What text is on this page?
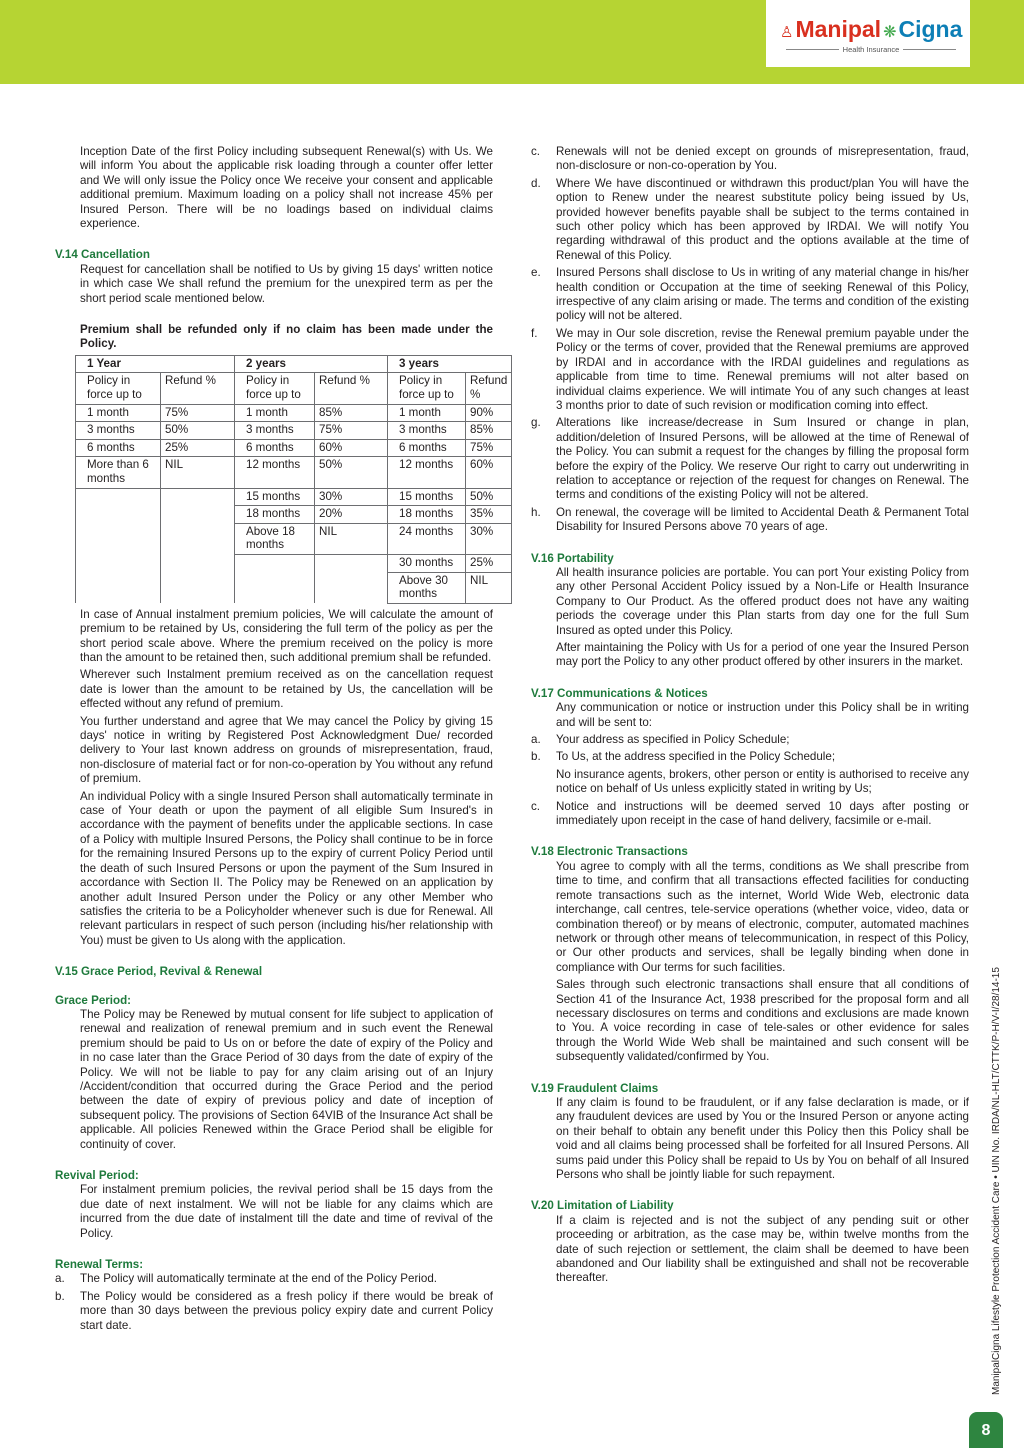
♙Manipal ❋Cigna
Health Insurance

Inception Date of the first Policy including subsequent Renewal(s) with Us. We will inform You about the applicable risk loading through a counter offer letter and We will only issue the Policy once We receive your consent and applicable additional premium. Maximum loading on a policy shall not increase 45% per Insured Person. There will be no loadings based on individual claims experience.

V.14 Cancellation

Request for cancellation shall be notified to Us by giving 15 days' written notice in which case We shall refund the premium for the unexpired term as per the short period scale mentioned below.

Premium shall be refunded only if no claim has been made under the Policy.

1 Year		2 years		3 years	
Policy in force up to	Refund %	Policy in force up to	Refund %	Policy in force up to	Refund %
1 month	75%	1 month	85%	1 month	90%
3 months	50%	3 months	75%	3 months	85%
6 months	25%	6 months	60%	6 months	75%
More than 6 months	NIL	12 months	50%	12 months	60%
		15 months	30%	15 months	50%
		18 months	20%	18 months	35%
		Above 18 months	NIL	24 months	30%
				30 months	25%
				Above 30 months	NIL

In case of Annual instalment premium policies, We will calculate the amount of premium to be retained by Us, considering the full term of the policy as per the short period scale above. Where the premium received on the policy is more than the amount to be retained then, such additional premium shall be refunded.

Wherever such Instalment premium received as on the cancellation request date is lower than the amount to be retained by Us, the cancellation will be effected without any refund of premium.

You further understand and agree that We may cancel the Policy by giving 15 days' notice in writing by Registered Post Acknowledgment Due/ recorded delivery to Your last known address on grounds of misrepresentation, fraud, non-disclosure of material fact or for non-co-operation by You without any refund of premium.

An individual Policy with a single Insured Person shall automatically terminate in case of Your death or upon the payment of all eligible Sum Insured's in accordance with the payment of benefits under the applicable sections. In case of a Policy with multiple Insured Persons, the Policy shall continue to be in force for the remaining Insured Persons up to the expiry of current Policy Period until the death of such Insured Persons or upon the payment of the Sum Insured in accordance with Section II. The Policy may be Renewed on an application by another adult Insured Person under the Policy or any other Member who satisfies the criteria to be a Policyholder whenever such is due for Renewal. All relevant particulars in respect of such person (including his/her relationship with You) must be given to Us along with the application.

V.15 Grace Period, Revival & Renewal

Grace Period:

The Policy may be Renewed by mutual consent for life subject to application of renewal and realization of renewal premium and in such event the Renewal premium should be paid to Us on or before the date of expiry of the Policy and in no case later than the Grace Period of 30 days from the date of expiry of the Policy. We will not be liable to pay for any claim arising out of an Injury /Accident/condition that occurred during the Grace Period and the period between the date of expiry of previous policy and date of inception of subsequent policy. The provisions of Section 64VIB of the Insurance Act shall be applicable. All policies Renewed within the Grace Period shall be eligible for continuity of cover.

Revival Period:

For instalment premium policies, the revival period shall be 15 days from the due date of next instalment. We will not be liable for any claims which are incurred from the due date of instalment till the date and time of revival of the Policy.

Renewal Terms:

a.	The Policy will automatically terminate at the end of the Policy Period.
b.	The Policy would be considered as a fresh policy if there would be break of more than 30 days between the previous policy expiry date and current Policy start date.
c.	Renewals will not be denied except on grounds of misrepresentation, fraud, non-disclosure or non-co-operation by You.
d.	Where We have discontinued or withdrawn this product/plan You will have the option to Renew under the nearest substitute policy being issued by Us, provided however benefits payable shall be subject to the terms contained in such other policy which has been approved by IRDAI. We will notify You regarding withdrawal of this product and the options available at the time of Renewal of this Policy.
e.	Insured Persons shall disclose to Us in writing of any material change in his/her health condition or Occupation at the time of seeking Renewal of this Policy, irrespective of any claim arising or made. The terms and condition of the existing policy will not be altered.
f.	We may in Our sole discretion, revise the Renewal premium payable under the Policy or the terms of cover, provided that the Renewal premiums are approved by IRDAI and in accordance with the IRDAI guidelines and regulations as applicable from time to time. Renewal premiums will not alter based on individual claims experience. We will intimate You of any such changes at least 3 months prior to date of such revision or modification coming into effect.
g.	Alterations like increase/decrease in Sum Insured or change in plan, addition/deletion of Insured Persons, will be allowed at the time of Renewal of the Policy. You can submit a request for the changes by filling the proposal form before the expiry of the Policy. We reserve Our right to carry out underwriting in relation to acceptance or rejection of the request for changes on Renewal. The terms and conditions of the existing Policy will not be altered.
h.	On renewal, the coverage will be limited to Accidental Death & Permanent Total Disability for Insured Persons above 70 years of age.

V.16 Portability

All health insurance policies are portable. You can port Your existing Policy from any other Personal Accident Policy issued by a Non-Life or Health Insurance Company to Our Product. As the offered product does not have any waiting periods the coverage under this Plan starts from day one for the full Sum Insured as opted under this Policy.

After maintaining the Policy with Us for a period of one year the Insured Person may port the Policy to any other product offered by other insurers in the market.

V.17 Communications & Notices

Any communication or notice or instruction under this Policy shall be in writing and will be sent to:

a.	Your address as specified in Policy Schedule;
b.	To Us, at the address specified in the Policy Schedule;

No insurance agents, brokers, other person or entity is authorised to receive any notice on behalf of Us unless explicitly stated in writing by Us;

c.	Notice and instructions will be deemed served 10 days after posting or immediately upon receipt in the case of hand delivery, facsimile or e-mail.

V.18 Electronic Transactions

You agree to comply with all the terms, conditions as We shall prescribe from time to time, and confirm that all transactions effected facilities for conducting remote transactions such as the internet, World Wide Web, electronic data interchange, call centres, tele-service operations (whether voice, video, data or combination thereof) or by means of electronic, computer, automated machines network or through other means of telecommunication, in respect of this Policy, or Our other products and services, shall be legally binding when done in compliance with Our terms for such facilities.

Sales through such electronic transactions shall ensure that all conditions of Section 41 of the Insurance Act, 1938 prescribed for the proposal form and all necessary disclosures on terms and conditions and exclusions are made known to You. A voice recording in case of tele-sales or other evidence for sales through the World Wide Web shall be maintained and such consent will be subsequently validated/confirmed by You.

V.19 Fraudulent Claims

If any claim is found to be fraudulent, or if any false declaration is made, or if any fraudulent devices are used by You or the Insured Person or anyone acting on their behalf to obtain any benefit under this Policy then this Policy shall be void and all claims being processed shall be forfeited for all Insured Persons. All sums paid under this Policy shall be repaid to Us by You on behalf of all Insured Persons who shall be jointly liable for such repayment.

V.20 Limitation of Liability

If a claim is rejected and is not the subject of any pending suit or other proceeding or arbitration, as the case may be, within twelve months from the date of such rejection or settlement, the claim shall be deemed to have been abandoned and Our liability shall be extinguished and shall not be recoverable thereafter.	ManipalCigna Lifestyle Protection Accident Care • UIN No. IRDA/NL-HLT/CTTK/P-H/V-I/28/14-15
8
